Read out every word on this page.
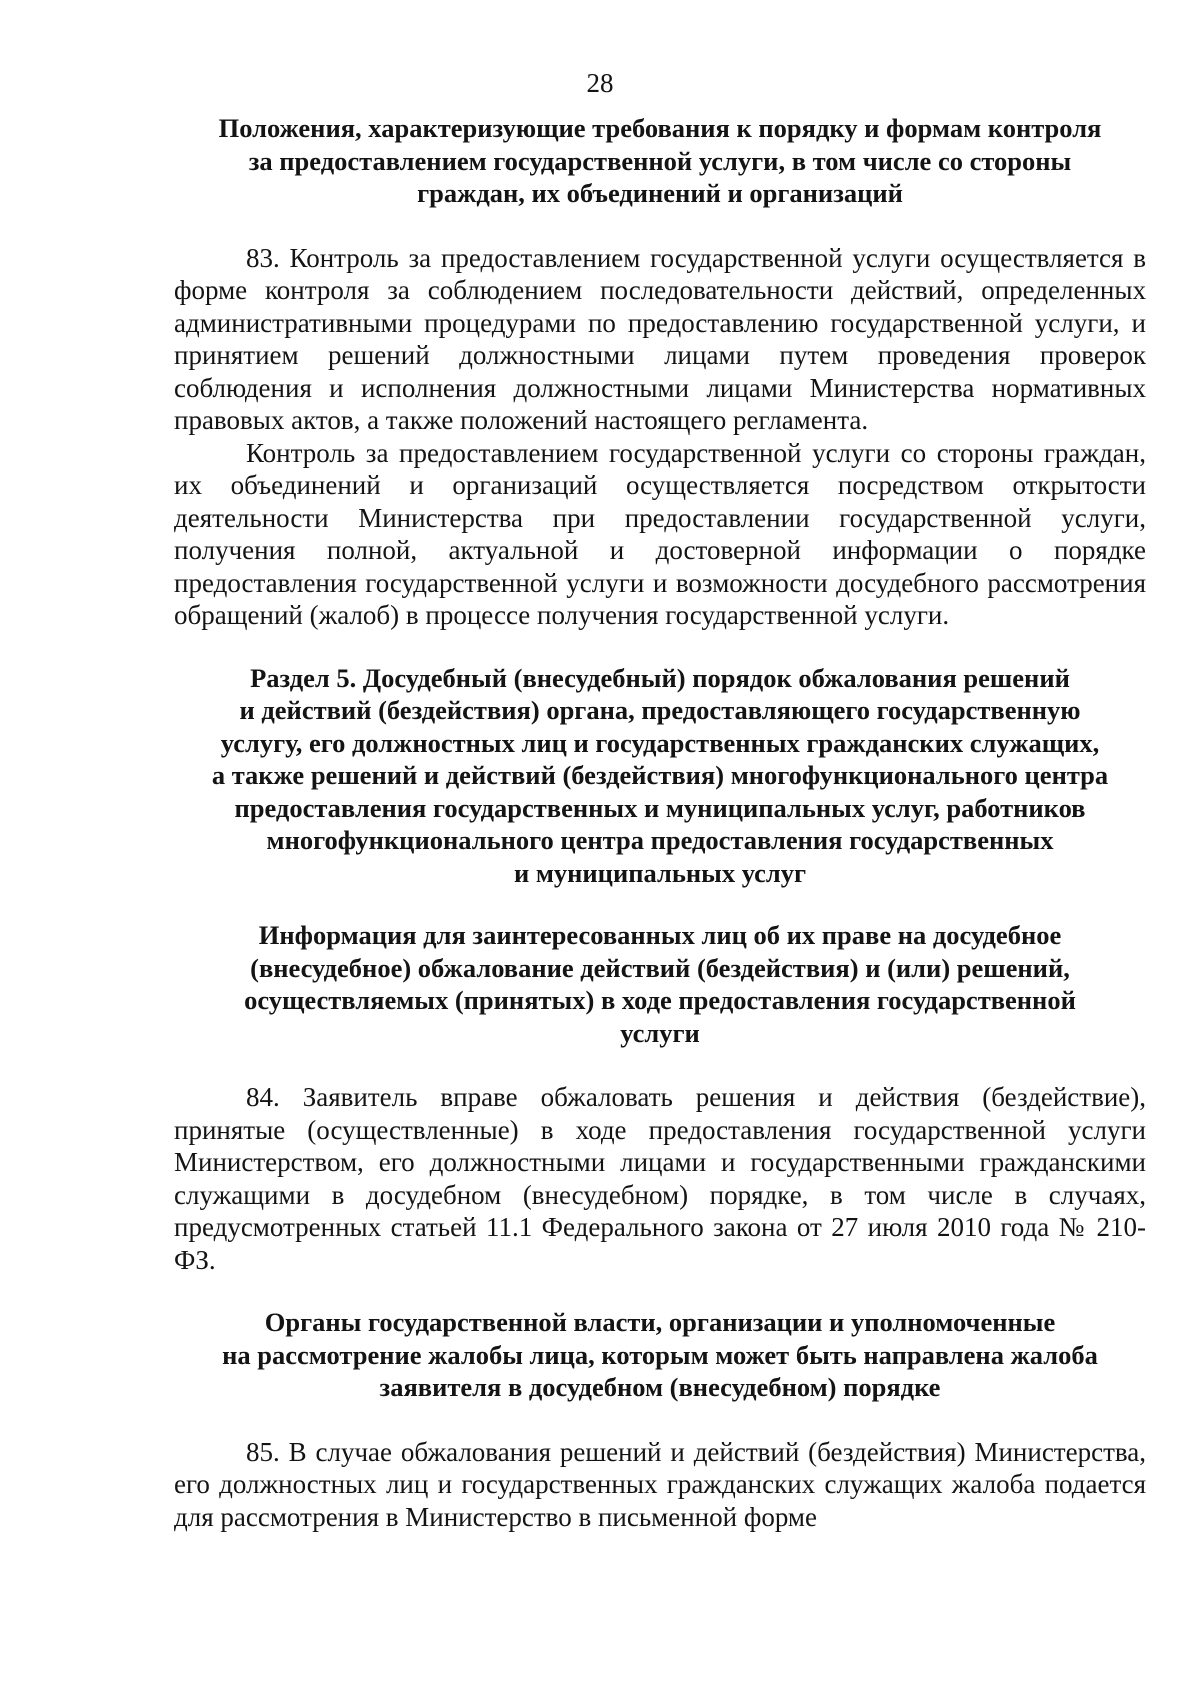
28
Положения, характеризующие требования к порядку и формам контроля
за предоставлением государственной услуги, в том числе со стороны
граждан, их объединений и организаций

83. Контроль за предоставлением государственной услуги осуществляется в форме контроля за соблюдением последовательности действий, определенных административными процедурами по предоставлению государственной услуги, и принятием решений должностными лицами путем проведения проверок соблюдения и исполнения должностными лицами Министерства нормативных правовых актов, а также положений настоящего регламента.

Контроль за предоставлением государственной услуги со стороны граждан, их объединений и организаций осуществляется посредством открытости деятельности Министерства при предоставлении государственной услуги, получения полной, актуальной и достоверной информации о порядке предоставления государственной услуги и возможности досудебного рассмотрения обращений (жалоб) в процессе получения государственной услуги.

Раздел 5. Досудебный (внесудебный) порядок обжалования решений
и действий (бездействия) органа, предоставляющего государственную
услугу, его должностных лиц и государственных гражданских служащих,
а также решений и действий (бездействия) многофункционального центра
предоставления государственных и муниципальных услуг, работников
многофункционального центра предоставления государственных
и муниципальных услуг
Информация для заинтересованных лиц об их праве на досудебное
(внесудебное) обжалование действий (бездействия) и (или) решений,
осуществляемых (принятых) в ходе предоставления государственной
услуги

84. Заявитель вправе обжаловать решения и действия (бездействие), принятые (осуществленные) в ходе предоставления государственной услуги Министерством, его должностными лицами и государственными гражданскими служащими в досудебном (внесудебном) порядке, в том числе в случаях, предусмотренных статьей 11.1 Федерального закона от 27 июля 2010 года № 210-ФЗ.

Органы государственной власти, организации и уполномоченные
на рассмотрение жалобы лица, которым может быть направлена жалоба
заявителя в досудебном (внесудебном) порядке

85. В случае обжалования решений и действий (бездействия) Министерства, его должностных лиц и государственных гражданских служащих жалоба подается для рассмотрения в Министерство в письменной форме
